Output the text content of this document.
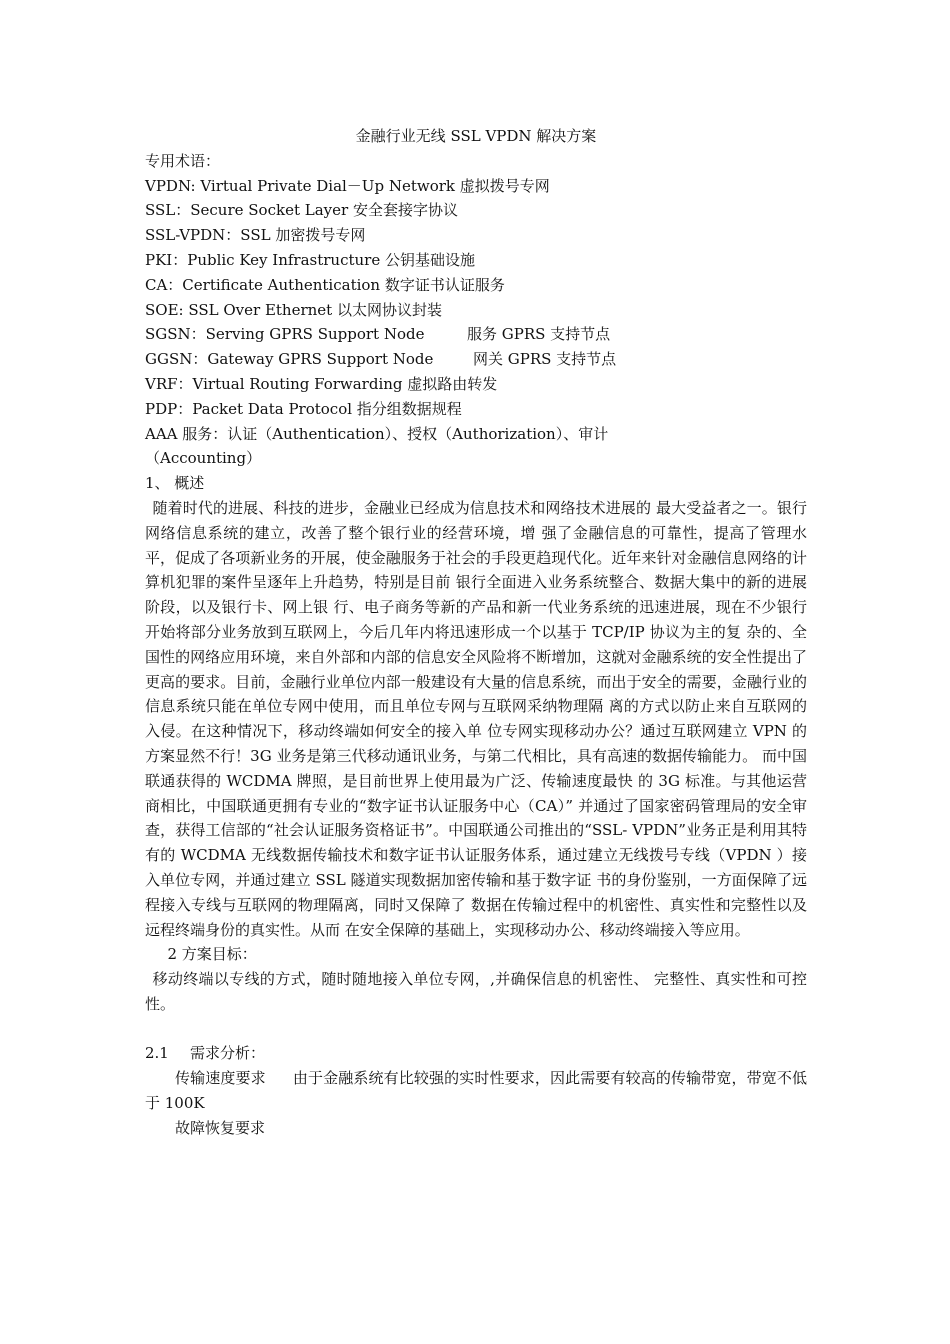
金融行业无线 SSL VPDN 解决方案

专用术语：

VPDN: Virtual Private Dial－Up Network 虚拟拨号专网

SSL：Secure Socket Layer 安全套接字协议

SSL-VPDN：SSL 加密拨号专网

PKI：Public Key Infrastructure 公钥基础设施

CA：Certificate Authentication 数字证书认证服务

SOE: SSL Over Ethernet 以太网协议封装

SGSN：Serving GPRS Support Node	服务 GPRS 支持节点

GGSN：Gateway GPRS Support Node	网关 GPRS 支持节点

VRF：Virtual Routing Forwarding 虚拟路由转发

PDP：Packet Data Protocol 指分组数据规程

AAA 服务：认证（Authentication）、授权（Authorization）、审计

（Accounting）

1、 概述

随着时代的进展、科技的进步，金融业已经成为信息技术和网络技术进展的 最大受益者之一。银行网络信息系统的建立，改善了整个银行业的经营环境，增 强了金融信息的可靠性，提高了管理水平，促成了各项新业务的开展，使金融服务于社会的手段更趋现代化。近年来针对金融信息网络的计算机犯罪的案件呈逐年上升趋势，特别是目前 银行全面进入业务系统整合、数据大集中的新的进展阶段，以及银行卡、网上银 行、电子商务等新的产品和新一代业务系统的迅速进展，现在不少银行开始将部分业务放到互联网上，今后几年内将迅速形成一个以基于 TCP/IP 协议为主的复 杂的、全国性的网络应用环境，来自外部和内部的信息安全风险将不断增加，这就对金融系统的安全性提出了更高的要求。目前，金融行业单位内部一般建设有大量的信息系统，而出于安全的需要，金融行业的信息系统只能在单位专网中使用，而且单位专网与互联网采纳物理隔 离的方式以防止来自互联网的入侵。在这种情况下，移动终端如何安全的接入单 位专网实现移动办公？通过互联网建立 VPN 的方案显然不行！3G 业务是第三代移动通讯业务，与第二代相比，具有高速的数据传输能力。 而中国联通获得的 WCDMA 牌照，是目前世界上使用最为广泛、传输速度最快 的 3G 标准。与其他运营商相比，中国联通更拥有专业的“数字证书认证服务中心（CA）” 并通过了国家密码管理局的安全审查，获得工信部的“社会认证服务资格证书”。中国联通公司推出的“SSL- VPDN”业务正是利用其特有的 WCDMA 无线数据传输技术和数字证书认证服务体系，通过建立无线拨号专线（VPDN ）接入单位专网，并通过建立 SSL 隧道实现数据加密传输和基于数字证 书的身份鉴别，一方面保障了远程接入专线与互联网的物理隔离，同时又保障了 数据在传输过程中的机密性、真实性和完整性以及远程终端身份的真实性。从而 在安全保障的基础上，实现移动办公、移动终端接入等应用。

2 方案目标：

移动终端以专线的方式，随时随地接入单位专网，,并确保信息的机密性、 完整性、真实性和可控性。

2.1 需求分析：

传输速度要求 由于金融系统有比较强的实时性要求，因此需要有较高的传输带宽，带宽不低于 100K

故障恢复要求
